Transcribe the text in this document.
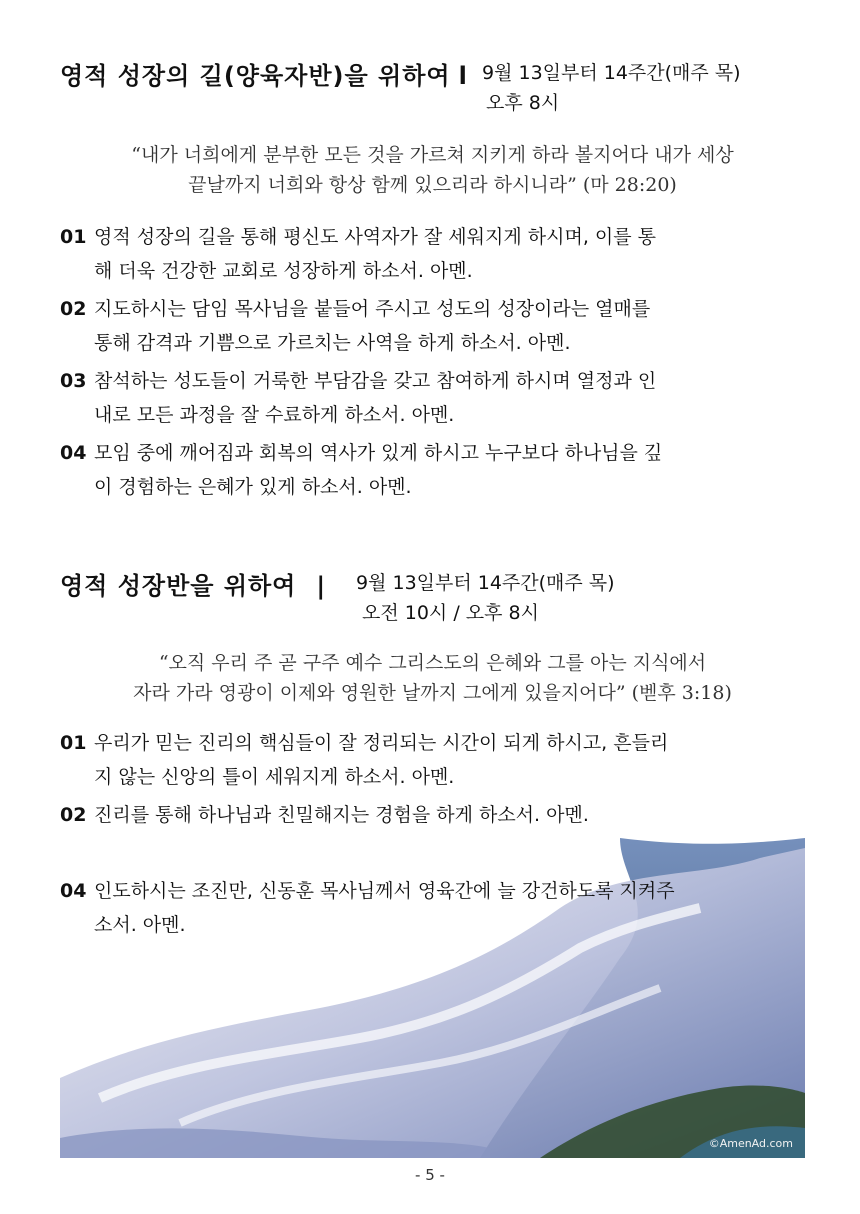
영적 성장의 길(양육자반)을 위하여 l 9월 13일부터 14주간(매주 목)
오후 8시
“내가 너희에게 분부한 모든 것을 가르쳐 지키게 하라 볼지어다 내가 세상
끝날까지 너희와 항상 함께 있으리라 하시니라” (마 28:20)
01 영적 성장의 길을 통해 평신도 사역자가 잘 세워지게 하시며, 이를 통
해 더욱 건강한 교회로 성장하게 하소서. 아멘.
02 지도하시는 담임 목사님을 붙들어 주시고 성도의 성장이라는 열매를
통해 감격과 기쁨으로 가르치는 사역을 하게 하소서. 아멘.
03 참석하는 성도들이 거룩한 부담감을 갖고 참여하게 하시며 열정과 인
내로 모든 과정을 잘 수료하게 하소서. 아멘.
04 모임 중에 깨어짐과 회복의 역사가 있게 하시고 누구보다 하나님을 깊
이 경험하는 은혜가 있게 하소서. 아멘.
영적 성장반을 위하여 |	9월 13일부터 14주간(매주 목)
오전 10시 / 오후 8시
“오직 우리 주 곧 구주 예수 그리스도의 은혜와 그를 아는 지식에서
자라 가라 영광이 이제와 영원한 날까지 그에게 있을지어다” (벧후 3:18)
01 우리가 믿는 진리의 핵심들이 잘 정리되는 시간이 되게 하시고, 흔들리
지 않는 신앙의 틀이 세워지게 하소서. 아멘.
02 진리를 통해 하나님과 친밀해지는 경험을 하게 하소서. 아멘.
04 인도하시는 조진만, 신동훈 목사님께서 영육간에 늘 강건하도록 지켜주
소서. 아멘.
©AmenAd.com
- 5 -
